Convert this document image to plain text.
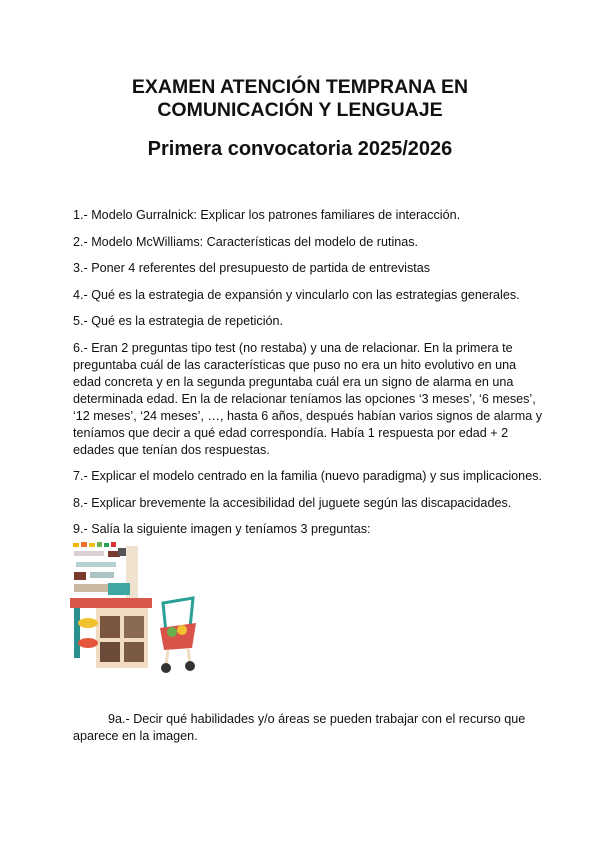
EXAMEN ATENCIÓN TEMPRANA EN
COMUNICACIÓN Y LENGUAJE
Primera convocatoria 2025/2026

1.- Modelo Gurralnick: Explicar los patrones familiares de interacción.

2.- Modelo McWilliams: Características del modelo de rutinas.

3.- Poner 4 referentes del presupuesto de partida de entrevistas

4.- Qué es la estrategia de expansión y vincularlo con las estrategias generales.

5.- Qué es la estrategia de repetición.

6.- Eran 2 preguntas tipo test (no restaba) y una de relacionar. En la primera te preguntaba cuál de las características que puso no era un hito evolutivo en una edad concreta y en la segunda preguntaba cuál era un signo de alarma en una determinada edad. En la de relacionar teníamos las opciones ‘3 meses’, ‘6 meses’, ‘12 meses’, ‘24 meses’, …, hasta 6 años, después habían varios signos de alarma y teníamos que decir a qué edad correspondía. Había 1 respuesta por edad + 2 edades que tenían dos respuestas.

7.- Explicar el modelo centrado en la familia (nuevo paradigma) y sus implicaciones.

8.- Explicar brevemente la accesibilidad del juguete según las discapacidades.

9.- Salía la siguiente imagen y teníamos 3 preguntas:

9a.- Decir qué habilidades y/o áreas se pueden trabajar con el recurso que aparece en la imagen.
